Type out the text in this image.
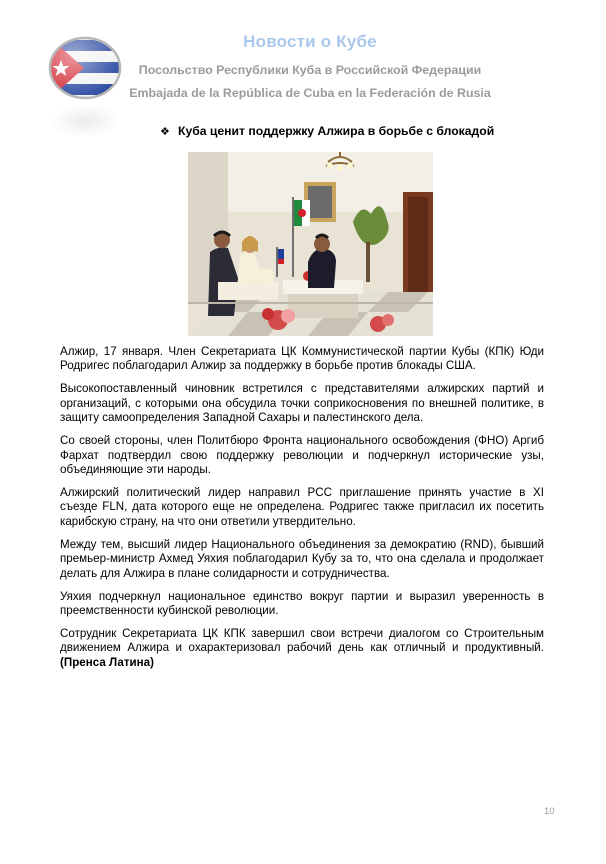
Новости о Кубе
Посольство Республики Куба в Российской Федерации
Embajada de la República de Cuba en la Federación de Rusia
❖ Куба ценит поддержку Алжира в борьбе с блокадой

Алжир, 17 января. Член Секретариата ЦК Коммунистической партии Кубы (КПК) Юди Родригес поблагодарил Алжир за поддержку в борьбе против блокады США.

Высокопоставленный чиновник встретился с представителями алжирских партий и организаций, с которыми она обсудила точки соприкосновения по внешней политике, в защиту самоопределения Западной Сахары и палестинского дела.

Со своей стороны, член Политбюро Фронта национального освобождения (ФНО) Аргиб Фархат подтвердил свою поддержку революции и подчеркнул исторические узы, объединяющие эти народы.

Алжирский политический лидер направил PCC приглашение принять участие в XI съезде FLN, дата которого еще не определена. Родригес также пригласил их посетить карибскую страну, на что они ответили утвердительно.

Между тем, высший лидер Национального объединения за демократию (RND), бывший премьер-министр Ахмед Уяхия поблагодарил Кубу за то, что она сделала и продолжает делать для Алжира в плане солидарности и сотрудничества.

Уяхия подчеркнул национальное единство вокруг партии и выразил уверенность в преемственности кубинской революции.

Сотрудник Секретариата ЦК КПК завершил свои встречи диалогом со Строительным движением Алжира и охарактеризовал рабочий день как отличный и продуктивный. (Пренса Латина)

10
